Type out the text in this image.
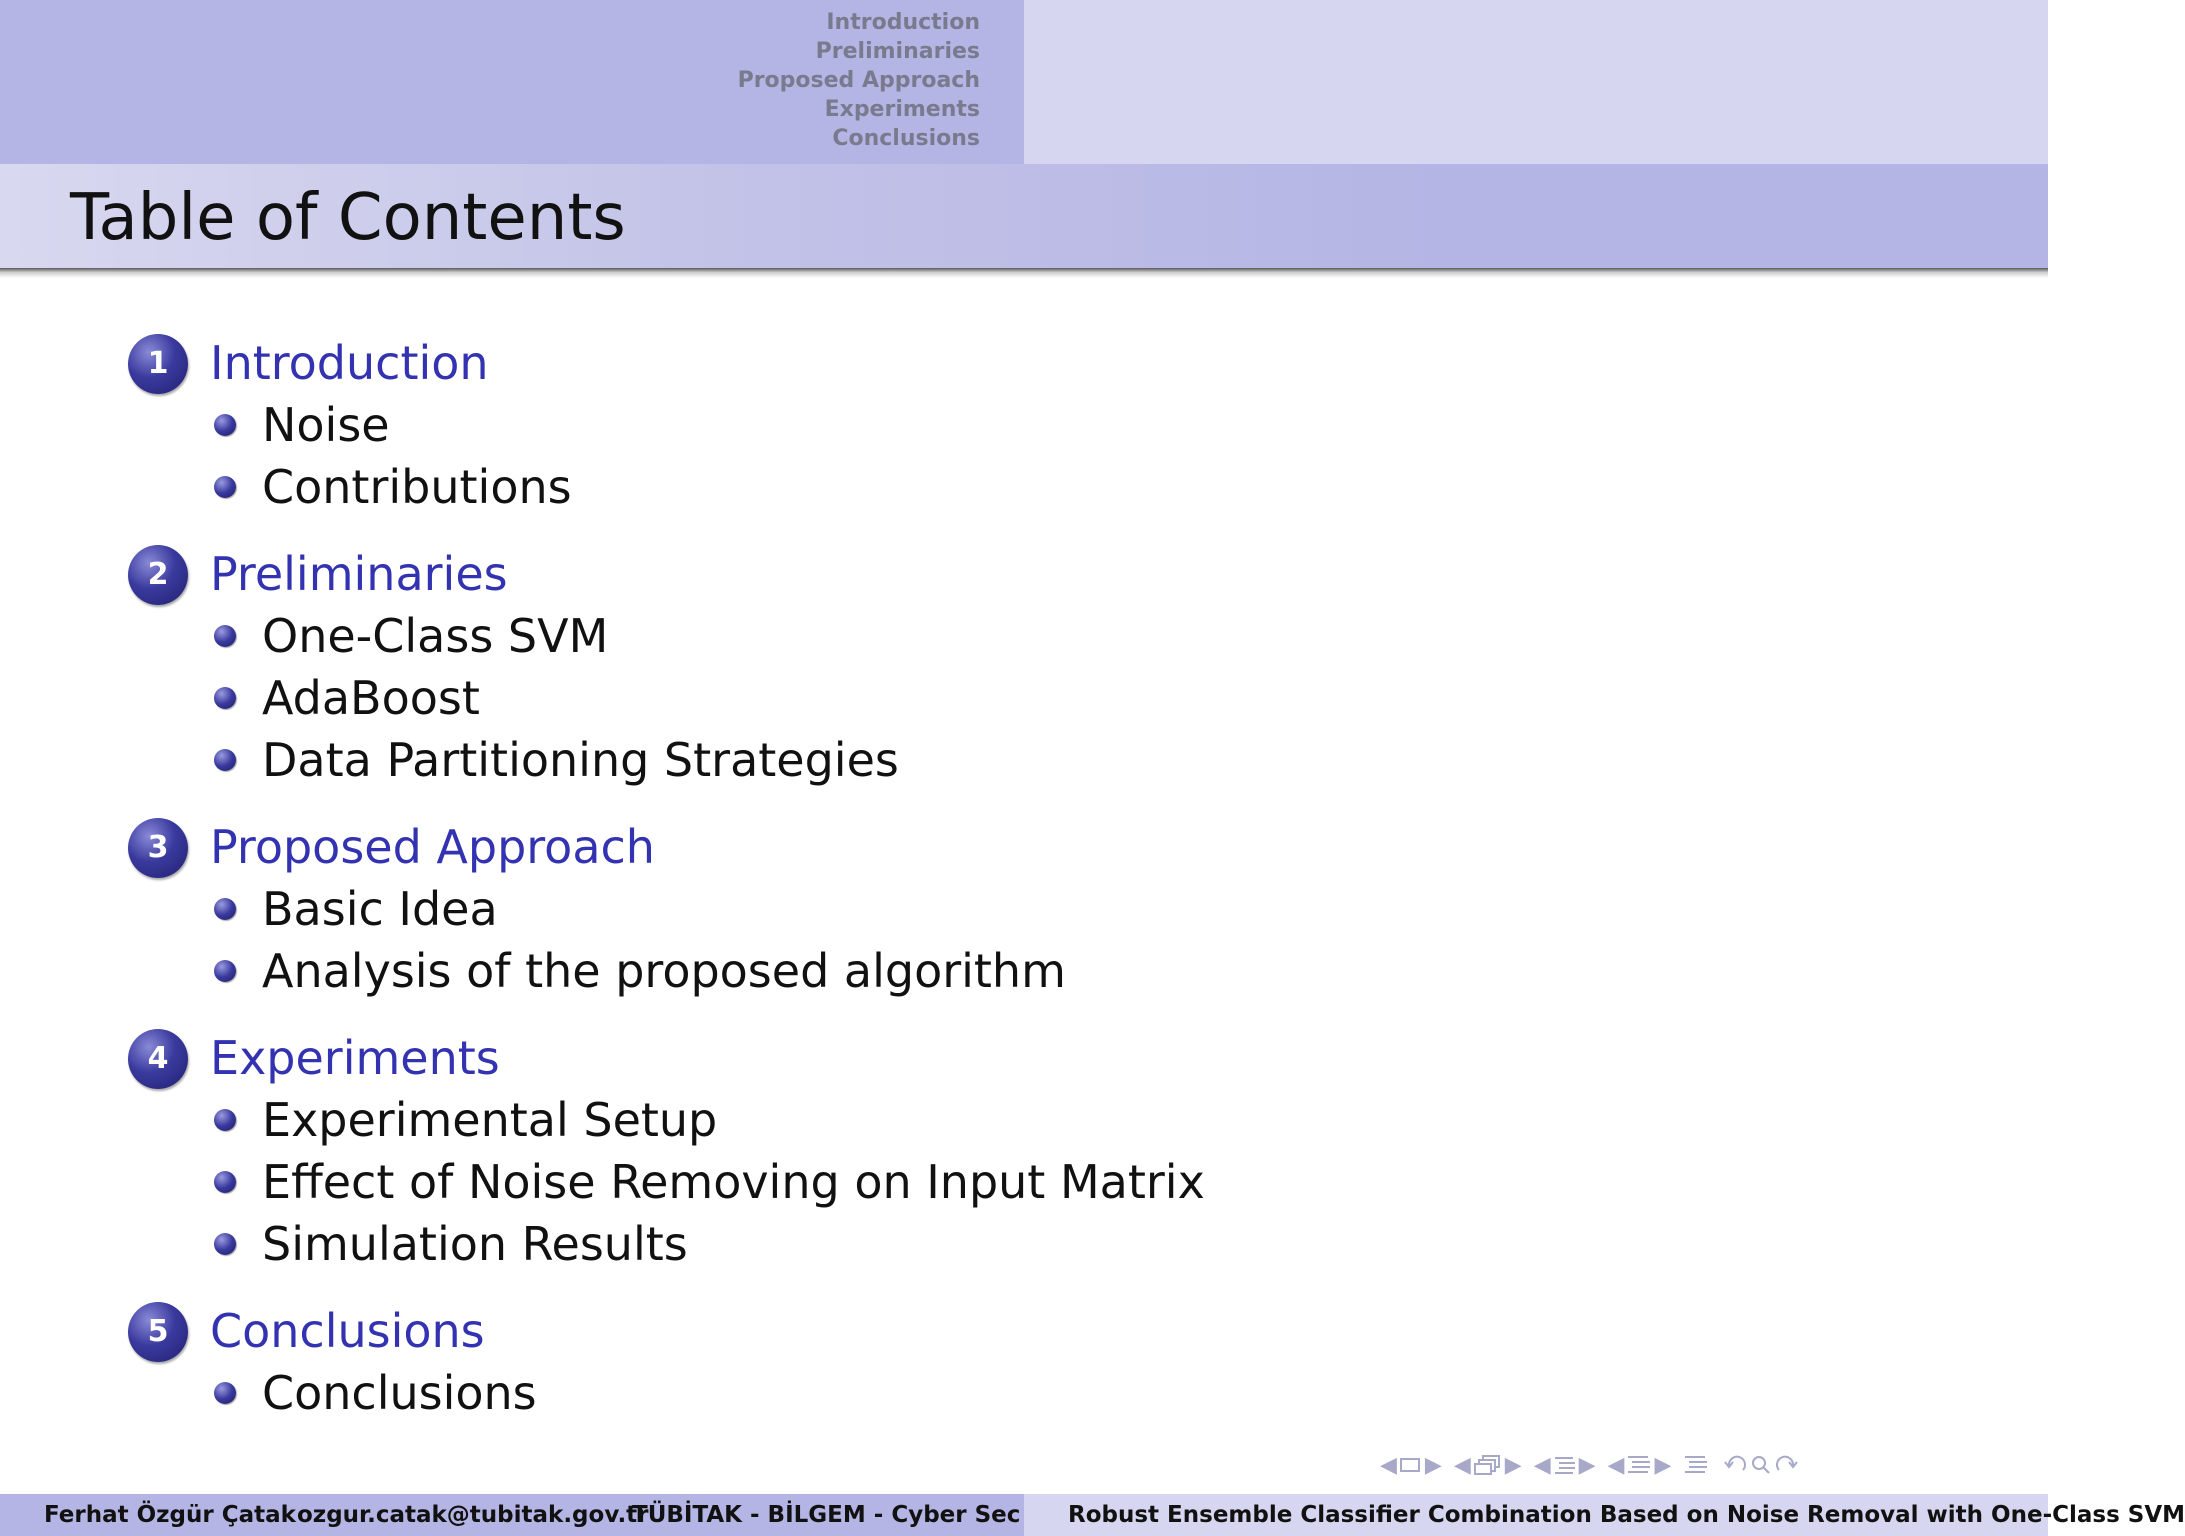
Introduction
Preliminaries
Proposed Approach
Experiments
Conclusions
Table of Contents
1 Introduction
Noise
Contributions
2 Preliminaries
One-Class SVM
AdaBoost
Data Partitioning Strategies
3 Proposed Approach
Basic Idea
Analysis of the proposed algorithm
4 Experiments
Experimental Setup
Effect of Noise Removing on Input Matrix
Simulation Results
5 Conclusions
Conclusions
◀ ▶ ◀ ▶ ◀ ▶ ◀ ▶
Ferhat Özgür Çatak ozgur.catak@tubitak.gov.tr
TÜBİTAK - BİLGEM - Cyber Sec Robust Ensemble Classifier Combination Based on Noise Removal with One-Class SVM
